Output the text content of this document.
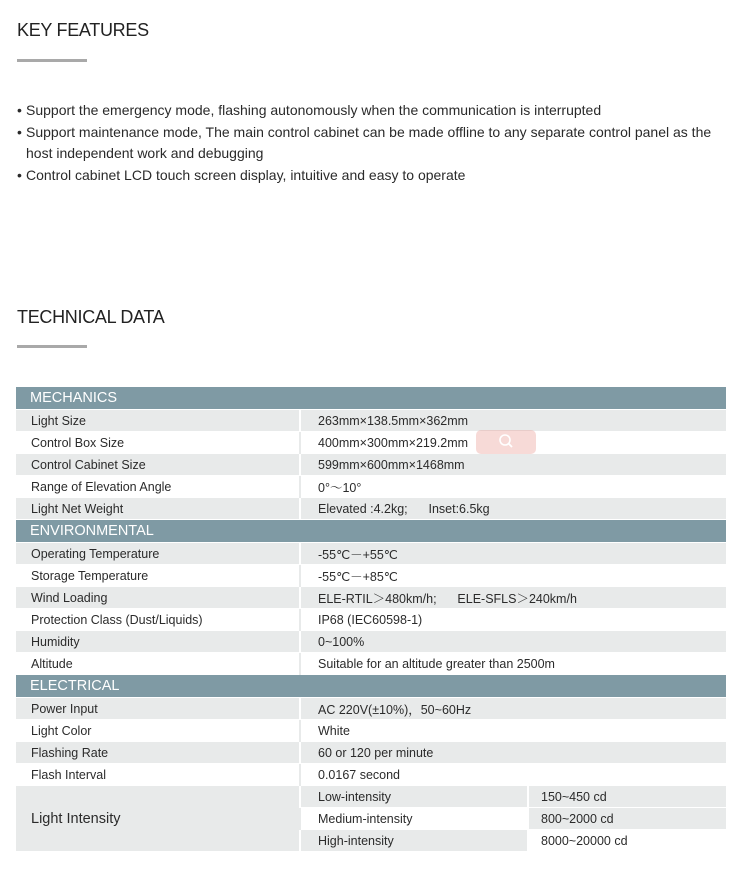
KEY FEATURES
• Support the emergency mode, flashing autonomously when the communication is interrupted
• Support maintenance mode, The main control cabinet can be made offline to any separate control panel as the host independent work and debugging
• Control cabinet LCD touch screen display, intuitive and easy to operate
TECHNICAL DATA
MECHANICS		
Light Size	263mm×138.5mm×362mm	
Control Box Size	400mm×300mm×219.2mm	
Control Cabinet Size	599mm×600mm×1468mm	
Range of Elevation Angle	0°～10°	
Light Net Weight	Elevated :4.2kg;      Inset:6.5kg	
ENVIRONMENTAL		
Operating Temperature	-55℃－+55℃	
Storage Temperature	-55℃－+85℃	
Wind Loading	ELE-RTIL＞480km/h;      ELE-SFLS＞240km/h	
Protection Class (Dust/Liquids)	IP68 (IEC60598-1)	
Humidity	0~100%	
Altitude	Suitable for an altitude greater than 2500m	
ELECTRICAL		
Power Input	AC 220V(±10%)，50~60Hz	
Light Color	White	
Flashing Rate	60 or 120 per minute	
Flash Interval	0.0167 second	
Light Intensity	Low-intensity	150~450 cd
	Medium-intensity	800~2000 cd
	High-intensity	8000~20000 cd
